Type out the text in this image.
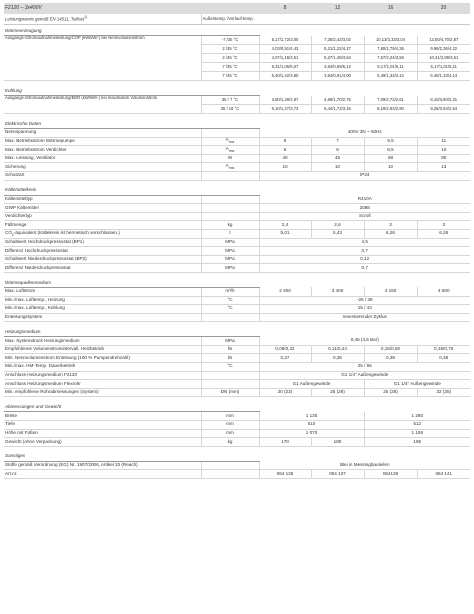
F2120 – 3x400V		8	12	16	20
Leistungswerte gemäß EN 14511, Teillast$^{1)}$	Außentemp. /Vorlauf-temp.				
Wärmeerzeugung					
Ausgangs-/Stromaufnahmeleistung/COP (kW/kW/-) bei Nennvolumenstrom	-7 /35 °C	5,17/1,72/3,00	7,35/2,43/3,02	10,13/3,33/3,04	13,50/4,70/2,87
	2 /35 °C	4,03/0,91/4,43	5,21/1,22/4,27	7,80/1,79/4,36	9,96/2,36/4,22
	2 /45 °C	4,07/1,16/3,51	5,27/1,49/3,54	7,57/2,24/3,56	10,41/2,89/3,61
	7 /35 °C	5,31/1,05/5,07	3,64/0,69/5,12	5,17/1,01/5,11	5,17/1,01/5,11
	7 /45 °C	5,40/1,42/3,80	3,64/0,91/4,00	5,49/1,33/4,14	5,49/1,33/4,14

Kühlung					
Ausgangs-/Stromaufnahmeleistung/EER (kW/kW/-) bei maximalem Volumenstrom	35 / 7 °C	3,80/1,28/2,97	4,69/1,70/2,76	7,09/2,72/2,61	8,10/3,60/2,31
	35 / 18 °C	5,10/1,37/3,73	5,44/1,73/3,15	8,19/2,83/2,90	9,26/3,64/2,54

Elektrische Daten					
Nennspannung		400V 3N ~ 50Hz			
Max. Betriebsstrom Wärmepumpe	$A_{rms}$	6	7	9,5	11
Max. Betriebsstrom Verdichter	$A_{rms}$	5	6	8,5	10
Max. Leistung, Ventilator	W	40	45	68	80
Sicherung	$A_{rms}$	10	10	10	13
Schutzart		IP24			

Kältemittelkreis					
Kältemitteltyp		R410A			
GWP Kältemittel		2088			
Verdichtertyp		Scroll			
Füllmenge	kg	2,4	2,6	3	3
$CO_2$-äquivalent (Kältekreis ist hermetisch verschlossen.)	t	5,01	5,43	6,26	6,26
Schaltwert Hochdruckpressostat (BP1)	MPa	4,5			
Differenz Hochdruckpressostat	MPa	0,7			
Schaltwert Niederdruckpressostat (BP2)	MPa	0,12			
Differenz Niederdruckpressostat	MPa	0,7			

Wärmequellenmedium					
Max. Luftstrom	m³/h	2 400	3 400	4 150	4 500
Min./max. Lufttemp., Heizung	°C	-25 / 38			
Min./max. Lufttemp., Kühlung	°C	15 / 43			
Enteisungssystem		reversierender Zyklus			

Heizungsmedium					
Max. Systemdruck Heizungsmedium	MPa	0,45 (4,5 Bar)			
Empfohlenes Volumenstromintervall, Heizbetrieb	l/s	0,08/0,32	0,11/0,44	0,15/0,60	0,19/0,75
Min. Nennvolumenstrom Enteisung (100 % Pumpendrehzahl)	l/s	0,27	0,35	0,38	0,48
Min./max. HM-Temp. Dauerbetrieb	°C	25 / 65			
Anschluss Heizungsmedium F2120		G1 1/4" Außengewinde			
Anschluss Heizungsmedium Flexrohr		G1 Außengewinde		G1 1/4" Außengewinde	
Min. empfohlene Rohrabmessungen (System)	DN (mm)	20 (22)	25 (28)	25 (28)	32 (35)

Abmessungen und Gewicht					
Breite	mm	1 130		1 280	
Tiefe	mm	610		612	
Höhe mit Füßen	mm	1 070		1 165	
Gewicht (ohne Verpackung)	kg	170	180	185	

Sonstiges					
Stoffe gemäß Verordnung (EG) Nr. 1907/2006, Artikel 33 (Reach)		Blei in Messingbauteilen			
Art.nr.		064 135	064 137	064139	064 141
